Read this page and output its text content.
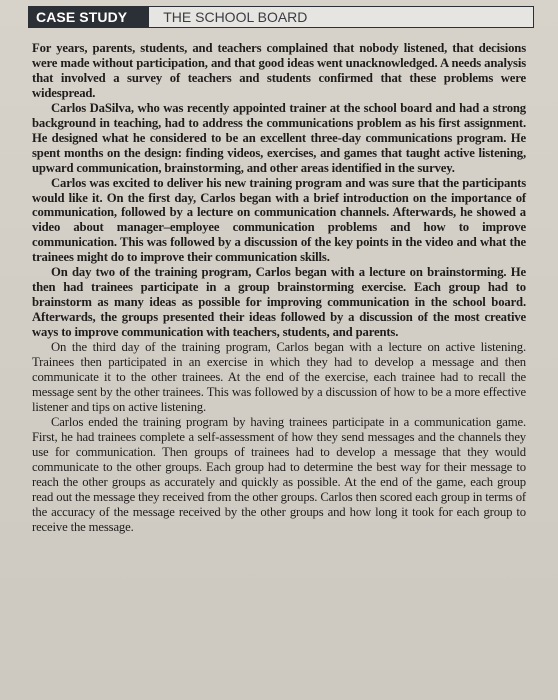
CASE STUDY	THE SCHOOL BOARD

For years, parents, students, and teachers complained that nobody listened, that decisions were made without participation, and that good ideas went unacknowledged. A needs analysis that involved a survey of teachers and students confirmed that these problems were widespread.

Carlos DaSilva, who was recently appointed trainer at the school board and had a strong background in teaching, had to address the communications problem as his first assignment. He designed what he considered to be an excellent three-day communications program. He spent months on the design: finding videos, exercises, and games that taught active listening, upward communication, brainstorming, and other areas identified in the survey.

Carlos was excited to deliver his new training program and was sure that the participants would like it. On the first day, Carlos began with a brief introduction on the importance of communication, followed by a lecture on communication channels. Afterwards, he showed a video about manager–employee communication problems and how to improve communication. This was followed by a discussion of the key points in the video and what the trainees might do to improve their communication skills.

On day two of the training program, Carlos began with a lecture on brainstorming. He then had trainees participate in a group brainstorming exercise. Each group had to brainstorm as many ideas as possible for improving communication in the school board. Afterwards, the groups presented their ideas followed by a discussion of the most creative ways to improve communication with teachers, students, and parents.

On the third day of the training program, Carlos began with a lecture on active listening. Trainees then participated in an exercise in which they had to develop a message and then communicate it to the other trainees. At the end of the exercise, each trainee had to recall the message sent by the other trainees. This was followed by a discussion of how to be a more effective listener and tips on active listening.

Carlos ended the training program by having trainees participate in a communication game. First, he had trainees complete a self-assessment of how they send messages and the channels they use for communication. Then groups of trainees had to develop a message that they would communicate to the other groups. Each group had to determine the best way for their message to reach the other groups as accurately and quickly as possible. At the end of the game, each group read out the message they received from the other groups. Carlos then scored each group in terms of the accuracy of the message received by the other groups and how long it took for each group to receive the message.
